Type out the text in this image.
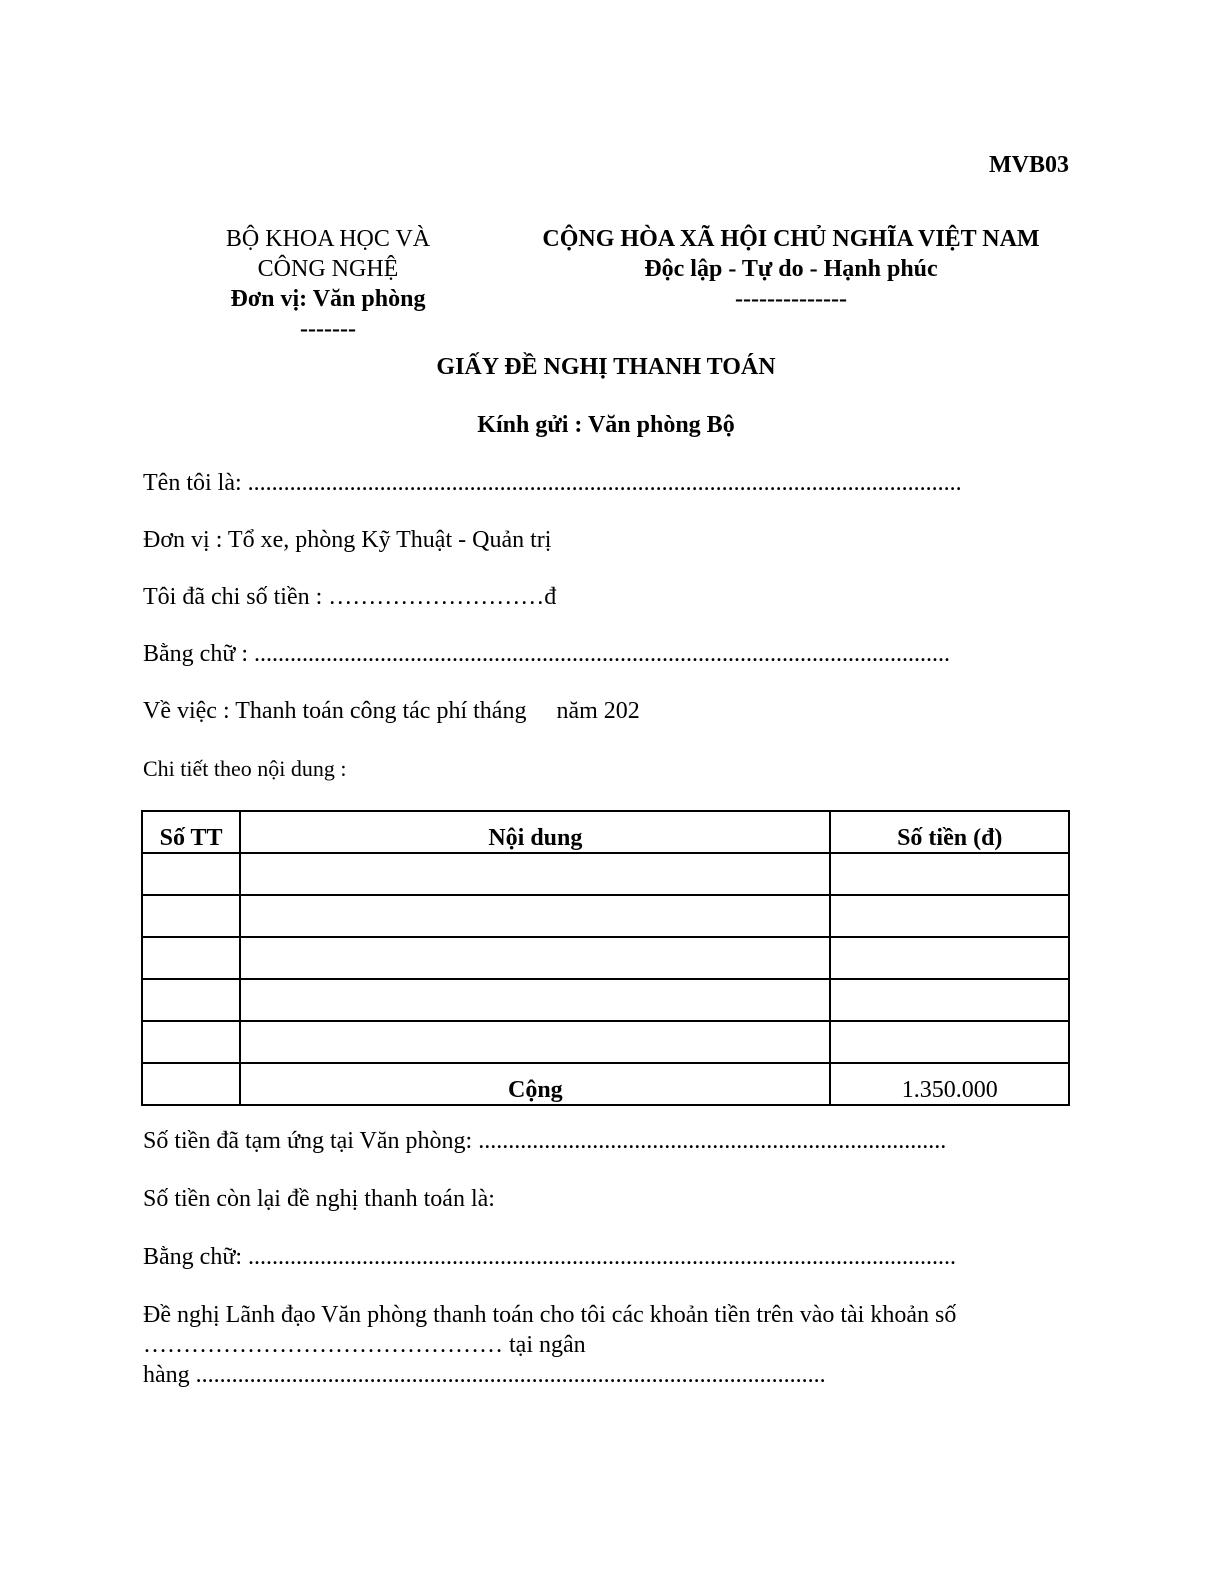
MVB03
BỘ KHOA HỌC VÀ
CÔNG NGHỆ
Đơn vị: Văn phòng
-------
CỘNG HÒA XÃ HỘI CHỦ NGHĨA VIỆT NAM
Độc lập - Tự do - Hạnh phúc
--------------
GIẤY ĐỀ NGHỊ THANH TOÁN
Kính gửi : Văn phòng Bộ
Tên tôi là: .......................................................................................................................
Đơn vị : Tổ xe, phòng Kỹ Thuật - Quản trị
Tôi đã chi số tiền : ………………………đ
Bằng chữ : ....................................................................................................................
Về việc : Thanh toán công tác phí tháng     năm 202
Chi tiết theo nội dung :
Số TT	Nội dung	Số tiền (đ)

	Cộng	1.350.000
Số tiền đã tạm ứng tại Văn phòng: ..............................................................................
Số tiền còn lại đề nghị thanh toán là:
Bằng chữ: ......................................................................................................................
Đề nghị Lãnh đạo Văn phòng thanh toán cho tôi các khoản tiền trên vào tài khoản số
……………………………………… tại ngân
hàng .........................................................................................................
